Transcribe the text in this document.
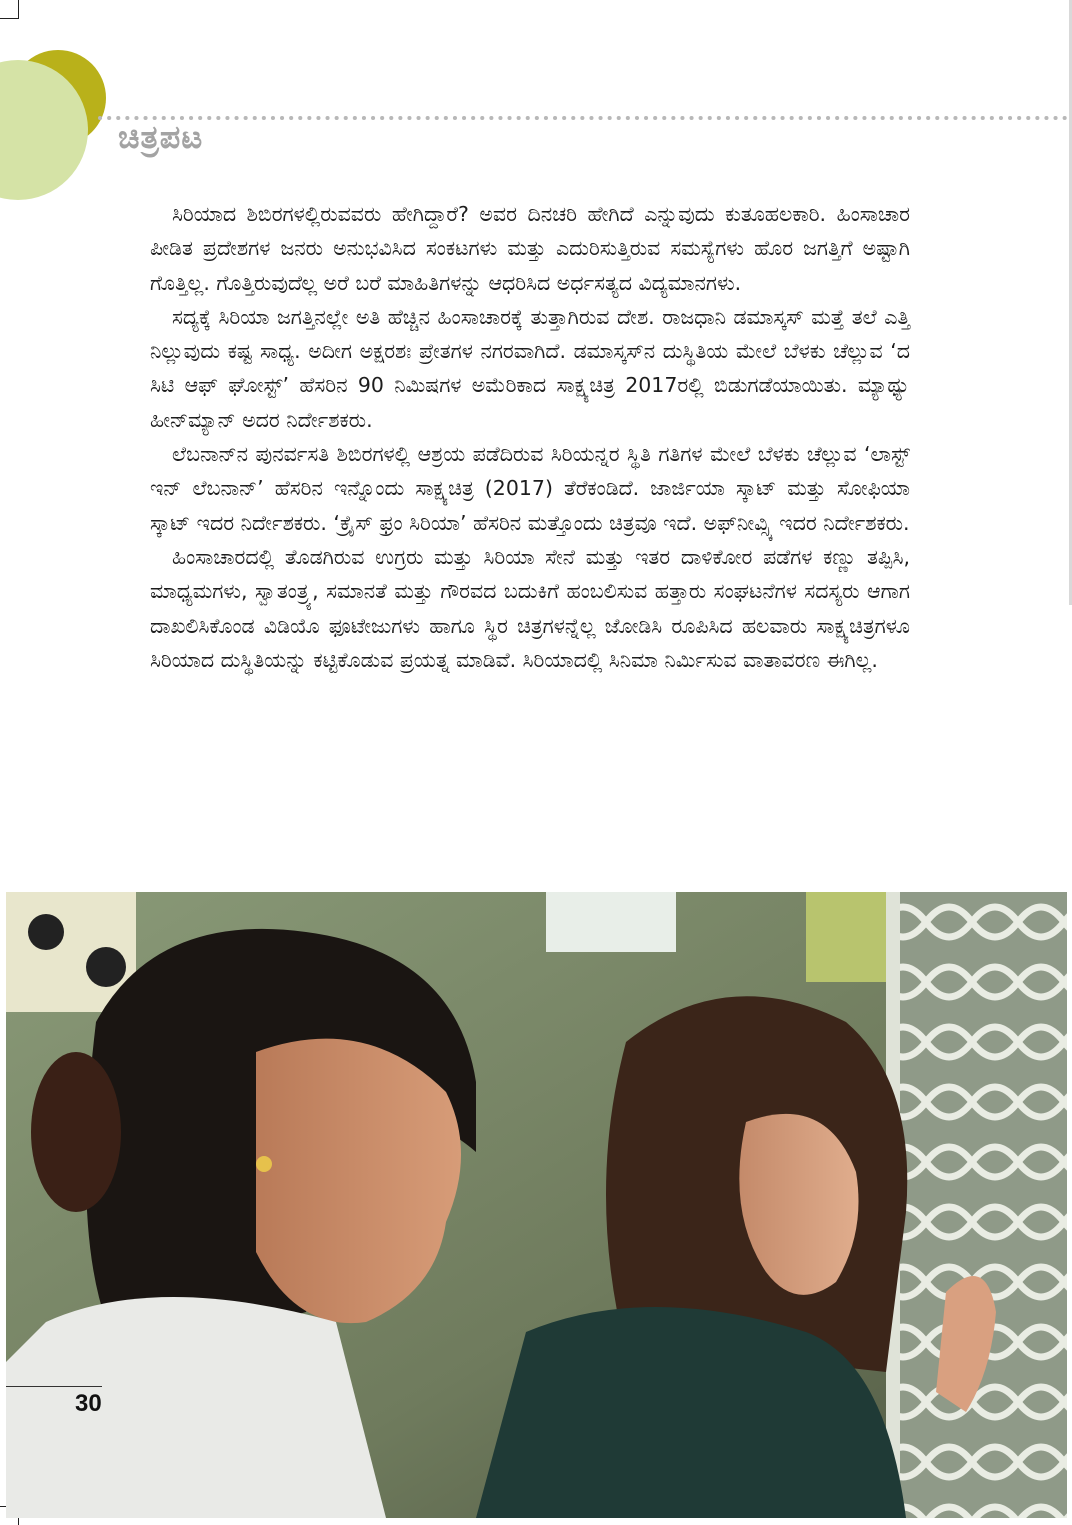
ಚಿತ್ರಪಟ

ಸಿರಿಯಾದ ಶಿಬಿರಗಳಲ್ಲಿರುವವರು ಹೇಗಿದ್ದಾರೆ? ಅವರ ದಿನಚರಿ ಹೇಗಿದೆ ಎನ್ನುವುದು ಕುತೂಹಲಕಾರಿ. ಹಿಂಸಾಚಾರ ಪೀಡಿತ ಪ್ರದೇಶಗಳ ಜನರು ಅನುಭವಿಸಿದ ಸಂಕಟಗಳು ಮತ್ತು ಎದುರಿಸುತ್ತಿರುವ ಸಮಸ್ಯೆಗಳು ಹೊರ ಜಗತ್ತಿಗೆ ಅಷ್ಟಾಗಿ ಗೊತ್ತಿಲ್ಲ. ಗೊತ್ತಿರುವುದೆಲ್ಲ ಅರೆ ಬರೆ ಮಾಹಿತಿಗಳನ್ನು ಆಧರಿಸಿದ ಅರ್ಧಸತ್ಯದ ವಿದ್ಯಮಾನಗಳು.

ಸದ್ಯಕ್ಕೆ ಸಿರಿಯಾ ಜಗತ್ತಿನಲ್ಲೇ ಅತಿ ಹೆಚ್ಚಿನ ಹಿಂಸಾಚಾರಕ್ಕೆ ತುತ್ತಾಗಿರುವ ದೇಶ. ರಾಜಧಾನಿ ಡಮಾಸ್ಕಸ್ ಮತ್ತೆ ತಲೆ ಎತ್ತಿ ನಿಲ್ಲುವುದು ಕಷ್ಟ ಸಾಧ್ಯ. ಅದೀಗ ಅಕ್ಷರಶಃ ಪ್ರೇತಗಳ ನಗರವಾಗಿದೆ. ಡಮಾಸ್ಕಸ್‌ನ ದುಸ್ಥಿತಿಯ ಮೇಲೆ ಬೆಳಕು ಚೆಲ್ಲುವ ‘ದ ಸಿಟಿ ಆಫ್ ಘೋಸ್ಟ್’ ಹೆಸರಿನ 90 ನಿಮಿಷಗಳ ಅಮೆರಿಕಾದ ಸಾಕ್ಷ್ಯಚಿತ್ರ 2017ರಲ್ಲಿ ಬಿಡುಗಡೆಯಾಯಿತು. ಮ್ಯಾಥ್ಯು ಹೀನ್‌ಮ್ಯಾನ್ ಅದರ ನಿರ್ದೇಶಕರು.

ಲೆಬನಾನ್‌ನ ಪುನರ್ವಸತಿ ಶಿಬಿರಗಳಲ್ಲಿ ಆಶ್ರಯ ಪಡೆದಿರುವ ಸಿರಿಯನ್ನರ ಸ್ಥಿತಿ ಗತಿಗಳ ಮೇಲೆ ಬೆಳಕು ಚೆಲ್ಲುವ ‘ಲಾಸ್ಟ್ ಇನ್ ಲೆಬನಾನ್’ ಹೆಸರಿನ ಇನ್ನೊಂದು ಸಾಕ್ಷ್ಯಚಿತ್ರ (2017) ತೆರೆಕಂಡಿದೆ. ಜಾರ್ಜಿಯಾ ಸ್ಕಾಟ್ ಮತ್ತು ಸೋಫಿಯಾ ಸ್ಕಾಟ್ ಇದರ ನಿರ್ದೇಶಕರು. ‘ಕ್ರೈಸ್ ಫ್ರಂ ಸಿರಿಯಾ’ ಹೆಸರಿನ ಮತ್ತೊಂದು ಚಿತ್ರವೂ ಇದೆ. ಅಫ್‌ನೀವ್ಸ್ಕಿ ಇದರ ನಿರ್ದೇಶಕರು.

ಹಿಂಸಾಚಾರದಲ್ಲಿ ತೊಡಗಿರುವ ಉಗ್ರರು ಮತ್ತು ಸಿರಿಯಾ ಸೇನೆ ಮತ್ತು ಇತರ ದಾಳಿಕೋರ ಪಡೆಗಳ ಕಣ್ಣು ತಪ್ಪಿಸಿ, ಮಾಧ್ಯಮಗಳು, ಸ್ವಾತಂತ್ರ್ಯ, ಸಮಾನತೆ ಮತ್ತು ಗೌರವದ ಬದುಕಿಗೆ ಹಂಬಲಿಸುವ ಹತ್ತಾರು ಸಂಘಟನೆಗಳ ಸದಸ್ಯರು ಆಗಾಗ ದಾಖಲಿಸಿಕೊಂಡ ವಿಡಿಯೊ ಫೂಟೇಜುಗಳು ಹಾಗೂ ಸ್ಥಿರ ಚಿತ್ರಗಳನ್ನೆಲ್ಲ ಜೋಡಿಸಿ ರೂಪಿಸಿದ ಹಲವಾರು ಸಾಕ್ಷ್ಯಚಿತ್ರಗಳೂ ಸಿರಿಯಾದ ದುಸ್ಥಿತಿಯನ್ನು ಕಟ್ಟಿಕೊಡುವ ಪ್ರಯತ್ನ ಮಾಡಿವೆ. ಸಿರಿಯಾದಲ್ಲಿ ಸಿನಿಮಾ ನಿರ್ಮಿಸುವ ವಾತಾವರಣ ಈಗಿಲ್ಲ.

30
